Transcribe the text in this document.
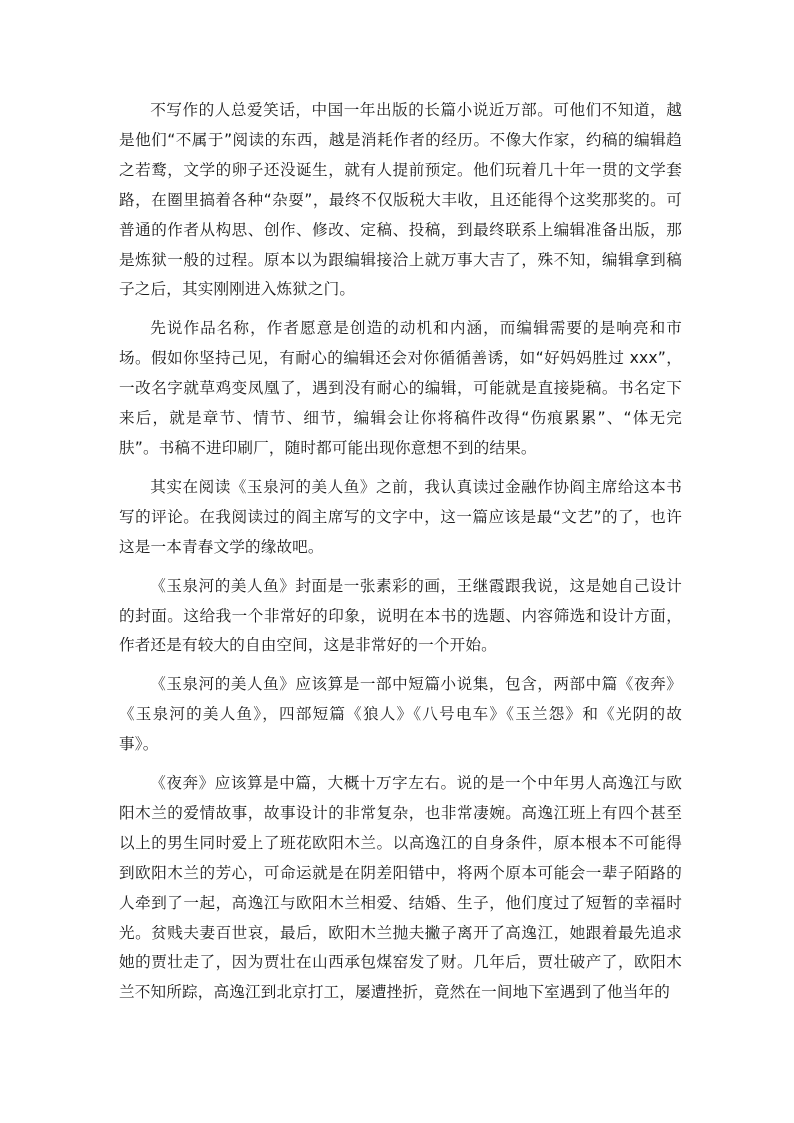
不写作的人总爱笑话，中国一年出版的长篇小说近万部。可他们不知道，越是他们“不属于”阅读的东西，越是消耗作者的经历。不像大作家，约稿的编辑趋之若鹜，文学的卵子还没诞生，就有人提前预定。他们玩着几十年一贯的文学套路，在圈里搞着各种“杂耍”，最终不仅版税大丰收，且还能得个这奖那奖的。可普通的作者从构思、创作、修改、定稿、投稿，到最终联系上编辑准备出版，那是炼狱一般的过程。原本以为跟编辑接洽上就万事大吉了，殊不知，编辑拿到稿子之后，其实刚刚进入炼狱之门。

先说作品名称，作者愿意是创造的动机和内涵，而编辑需要的是响亮和市场。假如你坚持己见，有耐心的编辑还会对你循循善诱，如“好妈妈胜过 xxx”，一改名字就草鸡变凤凰了，遇到没有耐心的编辑，可能就是直接毙稿。书名定下来后，就是章节、情节、细节，编辑会让你将稿件改得“伤痕累累”、“体无完肤”。书稿不进印刷厂，随时都可能出现你意想不到的结果。

其实在阅读《玉泉河的美人鱼》之前，我认真读过金融作协阎主席给这本书写的评论。在我阅读过的阎主席写的文字中，这一篇应该是最“文艺”的了，也许这是一本青春文学的缘故吧。

《玉泉河的美人鱼》封面是一张素彩的画，王继霞跟我说，这是她自己设计的封面。这给我一个非常好的印象，说明在本书的选题、内容筛选和设计方面，作者还是有较大的自由空间，这是非常好的一个开始。

《玉泉河的美人鱼》应该算是一部中短篇小说集，包含，两部中篇《夜奔》《玉泉河的美人鱼》，四部短篇《狼人》《八号电车》《玉兰怨》和《光阴的故事》。

《夜奔》应该算是中篇，大概十万字左右。说的是一个中年男人高逸江与欧阳木兰的爱情故事，故事设计的非常复杂，也非常凄婉。高逸江班上有四个甚至以上的男生同时爱上了班花欧阳木兰。以高逸江的自身条件，原本根本不可能得到欧阳木兰的芳心，可命运就是在阴差阳错中，将两个原本可能会一辈子陌路的人牵到了一起，高逸江与欧阳木兰相爱、结婚、生子，他们度过了短暂的幸福时光。贫贱夫妻百世哀，最后，欧阳木兰抛夫撇子离开了高逸江，她跟着最先追求她的贾壮走了，因为贾壮在山西承包煤窑发了财。几年后，贾壮破产了，欧阳木兰不知所踪，高逸江到北京打工，屡遭挫折，竟然在一间地下室遇到了他当年的
